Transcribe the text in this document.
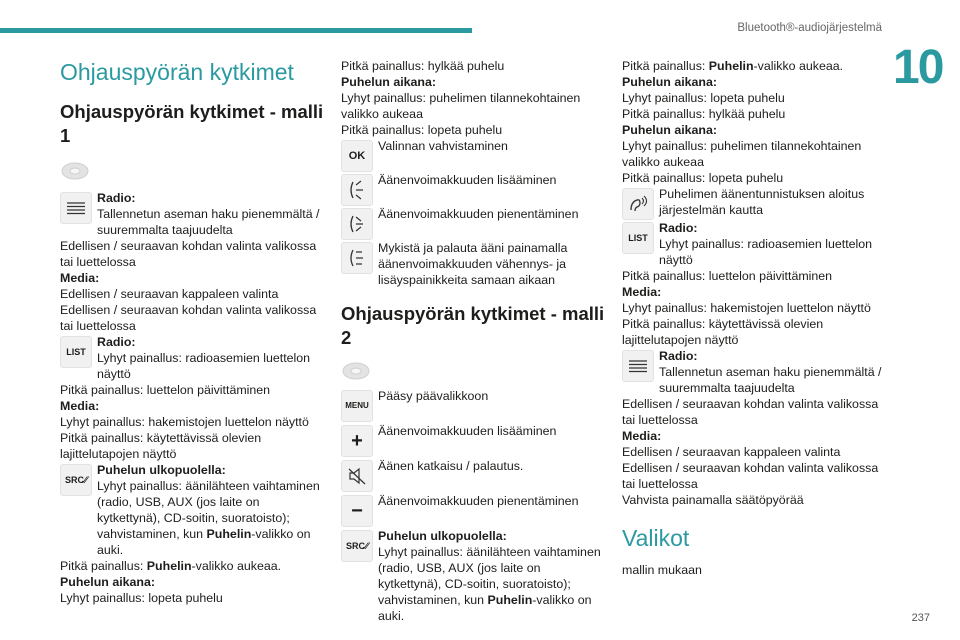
Bluetooth®-audiojärjestelmä
10
237
Ohjauspyörän kytkimet
Ohjauspyörän kytkimet - malli 1
Radio:
Tallennetun aseman haku pienemmältä / suuremmalta taajuudelta

Edellisen / seuraavan kohdan valinta valikossa tai luettelossa

Media:

Edellisen / seuraavan kappaleen valinta

Edellisen / seuraavan kohdan valinta valikossa tai luettelossa

LIST
Radio:
Lyhyt painallus: radioasemien luettelon näyttö

Pitkä painallus: luettelon päivittäminen

Media:

Lyhyt painallus: hakemistojen luettelon näyttö

Pitkä painallus: käytettävissä olevien lajittelutapojen näyttö

SRC ⁄⁄
Puhelun ulkopuolella:
Lyhyt painallus: äänilähteen vaihtaminen (radio, USB, AUX (jos laite on kytkettynä), CD-soitin, suoratoisto); vahvistaminen, kun Puhelin-valikko on auki.

Pitkä painallus: Puhelin-valikko aukeaa.

Puhelun aikana:

Lyhyt painallus: lopeta puhelu

Pitkä painallus: hylkää puhelu

Puhelun aikana:

Lyhyt painallus: puhelimen tilannekohtainen valikko aukeaa

Pitkä painallus: lopeta puhelu

OK
Valinnan vahvistaminen
Äänenvoimakkuuden lisääminen
Äänenvoimakkuuden pienentäminen
Mykistä ja palauta ääni painamalla äänenvoimakkuuden vähennys- ja lisäyspainikkeita samaan aikaan
Ohjauspyörän kytkimet - malli 2
MENU
Pääsy päävalikkoon
+	Äänenvoimakkuuden lisääminen
Äänen katkaisu / palautus.
−	Äänenvoimakkuuden pienentäminen
SRC ⁄⁄
Puhelun ulkopuolella:
Lyhyt painallus: äänilähteen vaihtaminen (radio, USB, AUX (jos laite on kytkettynä), CD-soitin, suoratoisto); vahvistaminen, kun Puhelin-valikko on auki.

Pitkä painallus: Puhelin-valikko aukeaa.

Puhelun aikana:

Lyhyt painallus: lopeta puhelu

Pitkä painallus: hylkää puhelu

Puhelun aikana:

Lyhyt painallus: puhelimen tilannekohtainen valikko aukeaa

Pitkä painallus: lopeta puhelu

Puhelimen äänentunnistuksen aloitus järjestelmän kautta
LIST
Radio:
Lyhyt painallus: radioasemien luettelon näyttö

Pitkä painallus: luettelon päivittäminen

Media:

Lyhyt painallus: hakemistojen luettelon näyttö

Pitkä painallus: käytettävissä olevien lajittelutapojen näyttö

Radio:
Tallennetun aseman haku pienemmältä / suuremmalta taajuudelta

Edellisen / seuraavan kohdan valinta valikossa tai luettelossa

Media:

Edellisen / seuraavan kappaleen valinta

Edellisen / seuraavan kohdan valinta valikossa tai luettelossa

Vahvista painamalla säätöpyörää

Valikot

mallin mukaan
